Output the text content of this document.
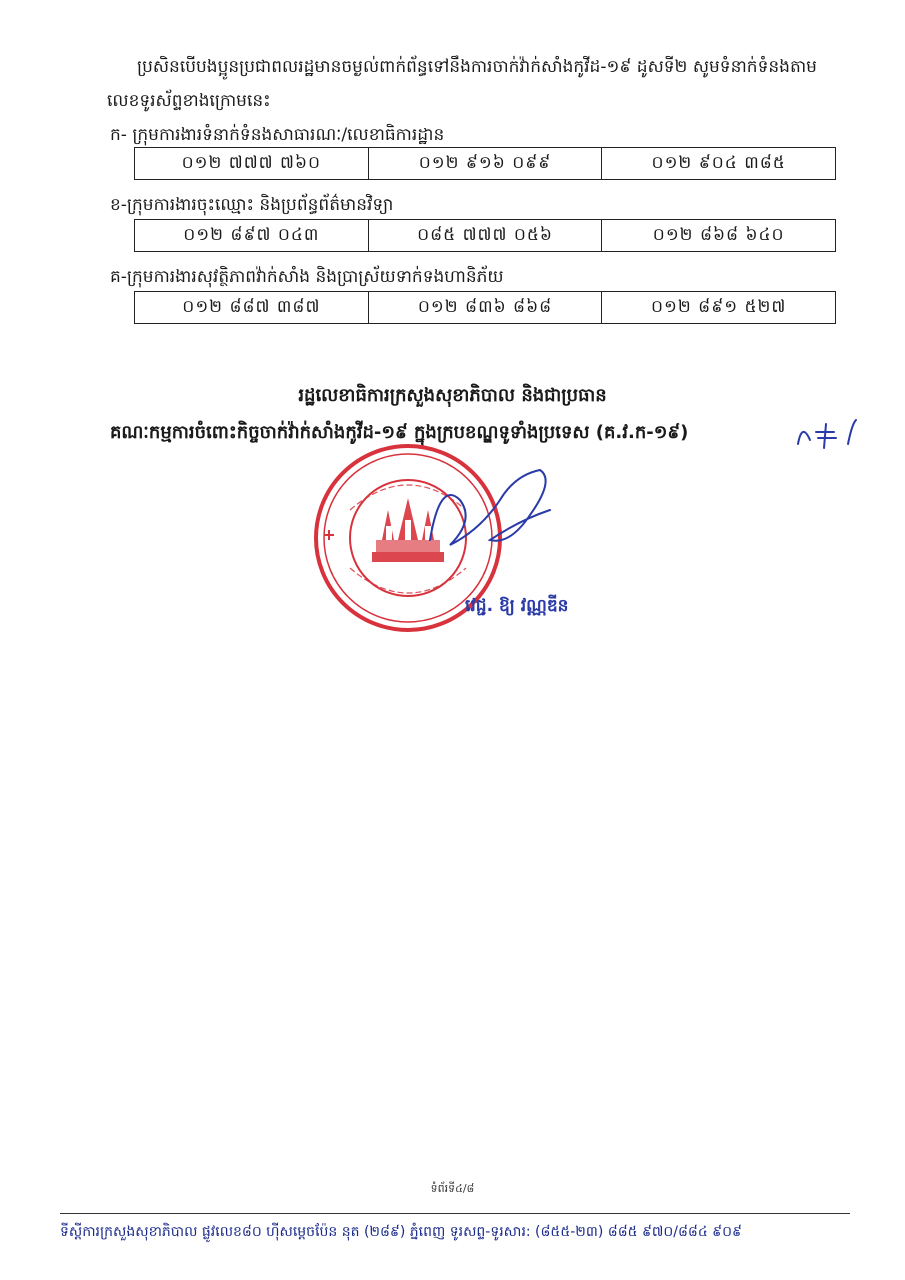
ប្រសិនបើបងប្អូនប្រជាពលរដ្ឋមានចម្ងល់ពាក់ព័ន្ធទៅនឹងការចាក់វ៉ាក់សាំងកូវីដ-១៩ ដូសទី២ សូមទំនាក់ទំនងតាម
លេខទូរស័ព្ទខាងក្រោមនេះ
ក- ក្រុមការងារទំនាក់ទំនងសាធារណៈ/លេខាធិការដ្ឋាន
០១២ ៧៧៧ ៧៦០	០១២ ៩១៦ ០៩៩	០១២ ៩០៤ ៣៨៥
ខ-ក្រុមការងារចុះឈ្មោះ និងប្រព័ន្ធព័ត៌មានវិទ្យា
០១២ ៨៩៧ ០៤៣	០៨៥ ៧៧៧ ០៥៦	០១២ ៨៦៨ ៦៤០
គ-ក្រុមការងារសុវត្ថិភាពវ៉ាក់សាំង និងប្រាស្រ័យទាក់ទងហានិភ័យ
០១២ ៨៨៧ ៣៨៧	០១២ ៨៣៦ ៨៦៨	០១២ ៨៩១ ៥២៧
រដ្ឋលេខាធិការក្រសួងសុខាភិបាល និងជាប្រធាន
គណៈកម្មការចំពោះកិច្ចចាក់វ៉ាក់សាំងកូវីដ-១៩ ក្នុងក្របខណ្ឌទូទាំងប្រទេស (គ.វ.ក-១៩)
វេជ្ជ. ឱ្យ វណ្ណឌីន
ទំព័រទី៤/៨
ទីស្តីការក្រសួងសុខាភិបាល ផ្លូវលេខ៨០ ហ៊ីសម្តេចប៉ែន នុត (២៨៩) ភ្នំពេញ ទូរសព្ទ-ទូរសារ: (៨៥៥-២៣) ៨៨៥ ៩៧០/៨៨៤ ៩០៩
